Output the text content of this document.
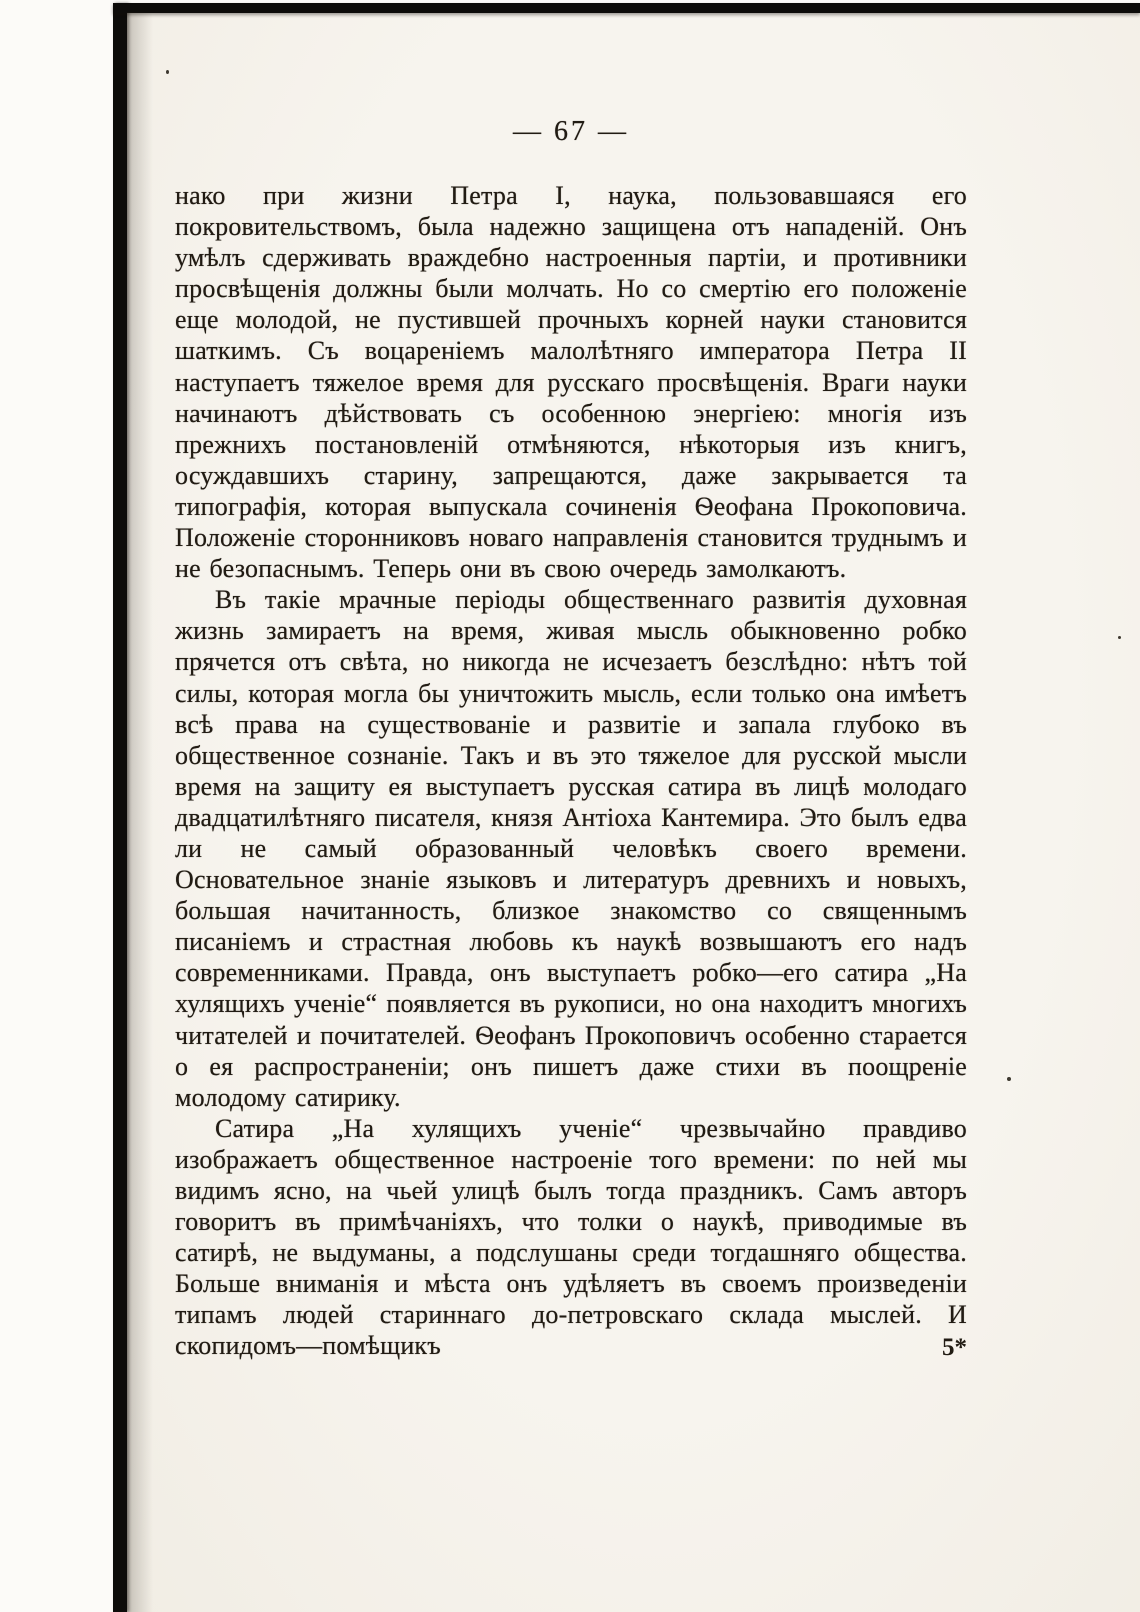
— 67 —

нако при жизни Петра I, наука, пользовавшаяся его покровительствомъ, была надежно защищена отъ нападеній. Онъ умѣлъ сдерживать враждебно настроенныя партіи, и противники просвѣщенія должны были молчать. Но со смертію его положеніе еще молодой, не пустившей прочныхъ корней науки становится шаткимъ. Съ воцареніемъ малолѣтняго императора Петра II наступаетъ тяжелое время для русскаго просвѣщенія. Враги науки начинаютъ дѣйствовать съ особенною энергіею: многія изъ прежнихъ постановленій отмѣняются, нѣкоторыя изъ книгъ, осуждавшихъ старину, запрещаются, даже закрывается та типографія, которая выпускала сочиненія Ѳеофана Прокоповича. Положеніе сторонниковъ новаго направленія становится труднымъ и не безопаснымъ. Теперь они въ свою очередь замолкаютъ.

Въ такіе мрачные періоды общественнаго развитія духовная жизнь замираетъ на время, живая мысль обыкновенно робко прячется отъ свѣта, но никогда не исчезаетъ безслѣдно: нѣтъ той силы, которая могла бы уничтожить мысль, если только она имѣетъ всѣ права на существованіе и развитіе и запала глубоко въ общественное сознаніе. Такъ и въ это тяжелое для русской мысли время на защиту ея выступаетъ русская сатира въ лицѣ молодаго двадцатилѣтняго писателя, князя Антіоха Кантемира. Это былъ едва ли не самый образованный человѣкъ своего времени. Основательное знаніе языковъ и литературъ древнихъ и новыхъ, большая начитанность, близкое знакомство со священнымъ писаніемъ и страстная любовь къ наукѣ возвышаютъ его надъ современниками. Правда, онъ выступаетъ робко—его сатира „На хулящихъ ученіе“ появляется въ рукописи, но она находитъ многихъ читателей и почитателей. Ѳеофанъ Прокоповичъ особенно старается о ея распространеніи; онъ пишетъ даже стихи въ поощреніе молодому сатирику.

Сатира „На хулящихъ ученіе“ чрезвычайно правдиво изображаетъ общественное настроеніе того времени: по ней мы видимъ ясно, на чьей улицѣ былъ тогда праздникъ. Самъ авторъ говоритъ въ примѣчаніяхъ, что толки о наукѣ, приводимые въ сатирѣ, не выдуманы, а подслушаны среди тогдашняго общества. Больше вниманія и мѣста онъ удѣляетъ въ своемъ произведеніи типамъ людей стариннаго до-петровскаго склада мыслей. И скопидомъ—помѣщикъ	5*
